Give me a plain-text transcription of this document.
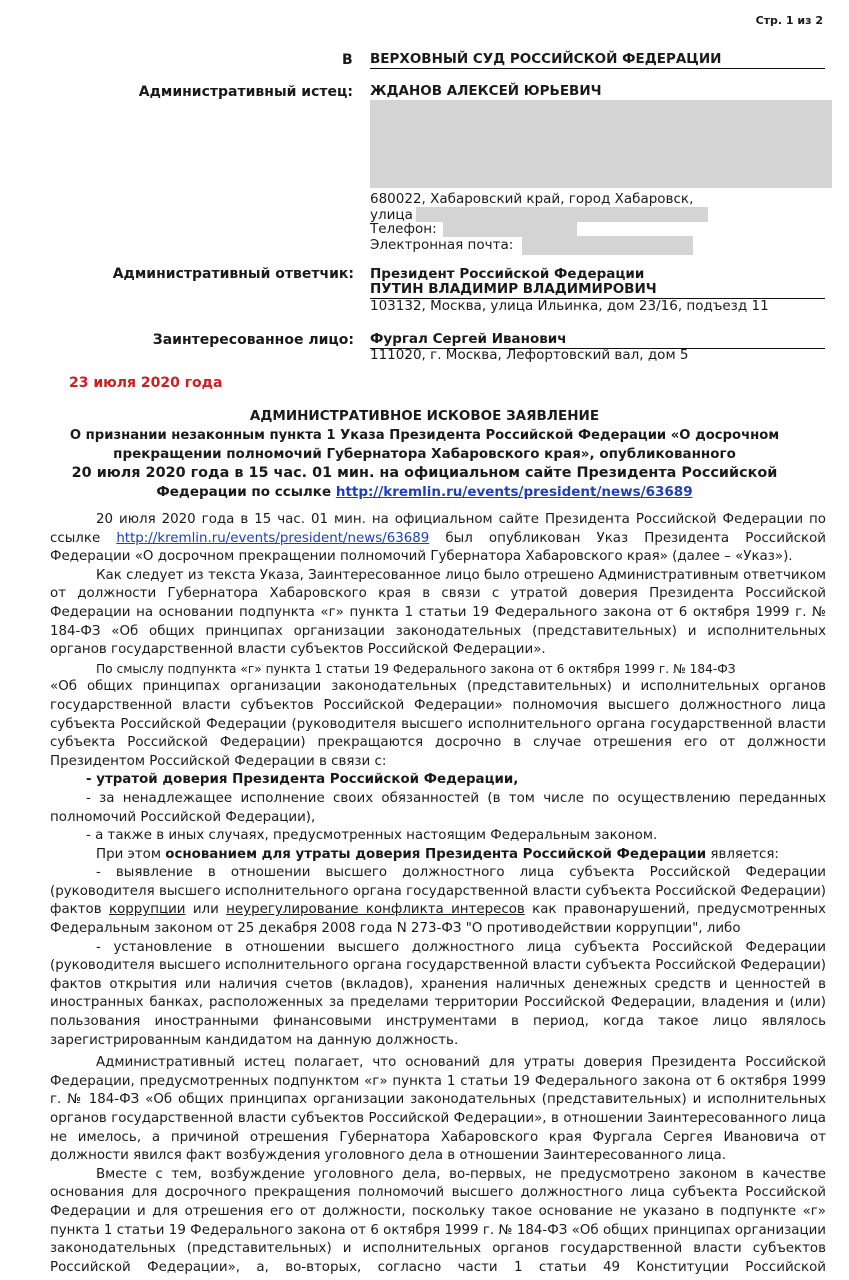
Стр. 1 из 2
В ВЕРХОВНЫЙ СУД РОССИЙСКОЙ ФЕДЕРАЦИИ
Административный истец: ЖДАНОВ АЛЕКСЕЙ ЮРЬЕВИЧ
680022, Хабаровский край, город Хабаровск,
улица
Телефон:
Электронная почта:
Административный ответчик: Президент Российской Федерации
ПУТИН ВЛАДИМИР ВЛАДИМИРОВИЧ
103132, Москва, улица Ильинка, дом 23/16, подъезд 11
Заинтересованное лицо: Фургал Сергей Иванович
111020, г. Москва, Лефортовский вал, дом 5
23 июля 2020 года
АДМИНИСТРАТИВНОЕ ИСКОВОЕ ЗАЯВЛЕНИЕ
О признании незаконным пункта 1 Указа Президента Российской Федерации «О досрочном
прекращении полномочий Губернатора Хабаровского края», опубликованного
20 июля 2020 года в 15 час. 01 мин. на официальном сайте Президента Российской
Федерации по ссылке http://kremlin.ru/events/president/news/63689

20 июля 2020 года в 15 час. 01 мин. на официальном сайте Президента Российской Федерации по ссылке http://kremlin.ru/events/president/news/63689 был опубликован Указ Президента Российской Федерации «О досрочном прекращении полномочий Губернатора Хабаровского края» (далее – «Указ»).

Как следует из текста Указа, Заинтересованное лицо было отрешено Административным ответчиком от должности Губернатора Хабаровского края в связи с утратой доверия Президента Российской Федерации на основании подпункта «г» пункта 1 статьи 19 Федерального закона от 6 октября 1999 г. № 184-ФЗ «Об общих принципах организации законодательных (представительных) и исполнительных органов государственной власти субъектов Российской Федерации».

По смыслу подпункта «г» пункта 1 статьи 19 Федерального закона от 6 октября 1999 г. № 184-ФЗ

«Об общих принципах организации законодательных (представительных) и исполнительных органов государственной власти субъектов Российской Федерации» полномочия высшего должностного лица субъекта Российской Федерации (руководителя высшего исполнительного органа государственной власти субъекта Российской Федерации) прекращаются досрочно в случае отрешения его от должности Президентом Российской Федерации в связи с:

- утратой доверия Президента Российской Федерации,

- за ненадлежащее исполнение своих обязанностей (в том числе по осуществлению переданных полномочий Российской Федерации),

- а также в иных случаях, предусмотренных настоящим Федеральным законом.

При этом основанием для утраты доверия Президента Российской Федерации является:

- выявление в отношении высшего должностного лица субъекта Российской Федерации (руководителя высшего исполнительного органа государственной власти субъекта Российской Федерации) фактов коррупции или неурегулирование конфликта интересов как правонарушений, предусмотренных Федеральным законом от 25 декабря 2008 года N 273-ФЗ "О противодействии коррупции", либо

- установление в отношении высшего должностного лица субъекта Российской Федерации (руководителя высшего исполнительного органа государственной власти субъекта Российской Федерации) фактов открытия или наличия счетов (вкладов), хранения наличных денежных средств и ценностей в иностранных банках, расположенных за пределами территории Российской Федерации, владения и (или) пользования иностранными финансовыми инструментами в период, когда такое лицо являлось зарегистрированным кандидатом на данную должность.

Административный истец полагает, что оснований для утраты доверия Президента Российской Федерации, предусмотренных подпунктом «г» пункта 1 статьи 19 Федерального закона от 6 октября 1999 г. № 184-ФЗ «Об общих принципах организации законодательных (представительных) и исполнительных органов государственной власти субъектов Российской Федерации», в отношении Заинтересованного лица не имелось, а причиной отрешения Губернатора Хабаровского края Фургала Сергея Ивановича от должности явился факт возбуждения уголовного дела в отношении Заинтересованного лица.

Вместе с тем, возбуждение уголовного дела, во-первых, не предусмотрено законом в качестве основания для досрочного прекращения полномочий высшего должностного лица субъекта Российской Федерации и для отрешения его от должности, поскольку такое основание не указано в подпункте «г» пункта 1 статьи 19 Федерального закона от 6 октября 1999 г. № 184-ФЗ «Об общих принципах организации законодательных (представительных) и исполнительных органов государственной власти субъектов Российской Федерации», а, во-вторых, согласно части 1 статьи 49 Конституции Российской
